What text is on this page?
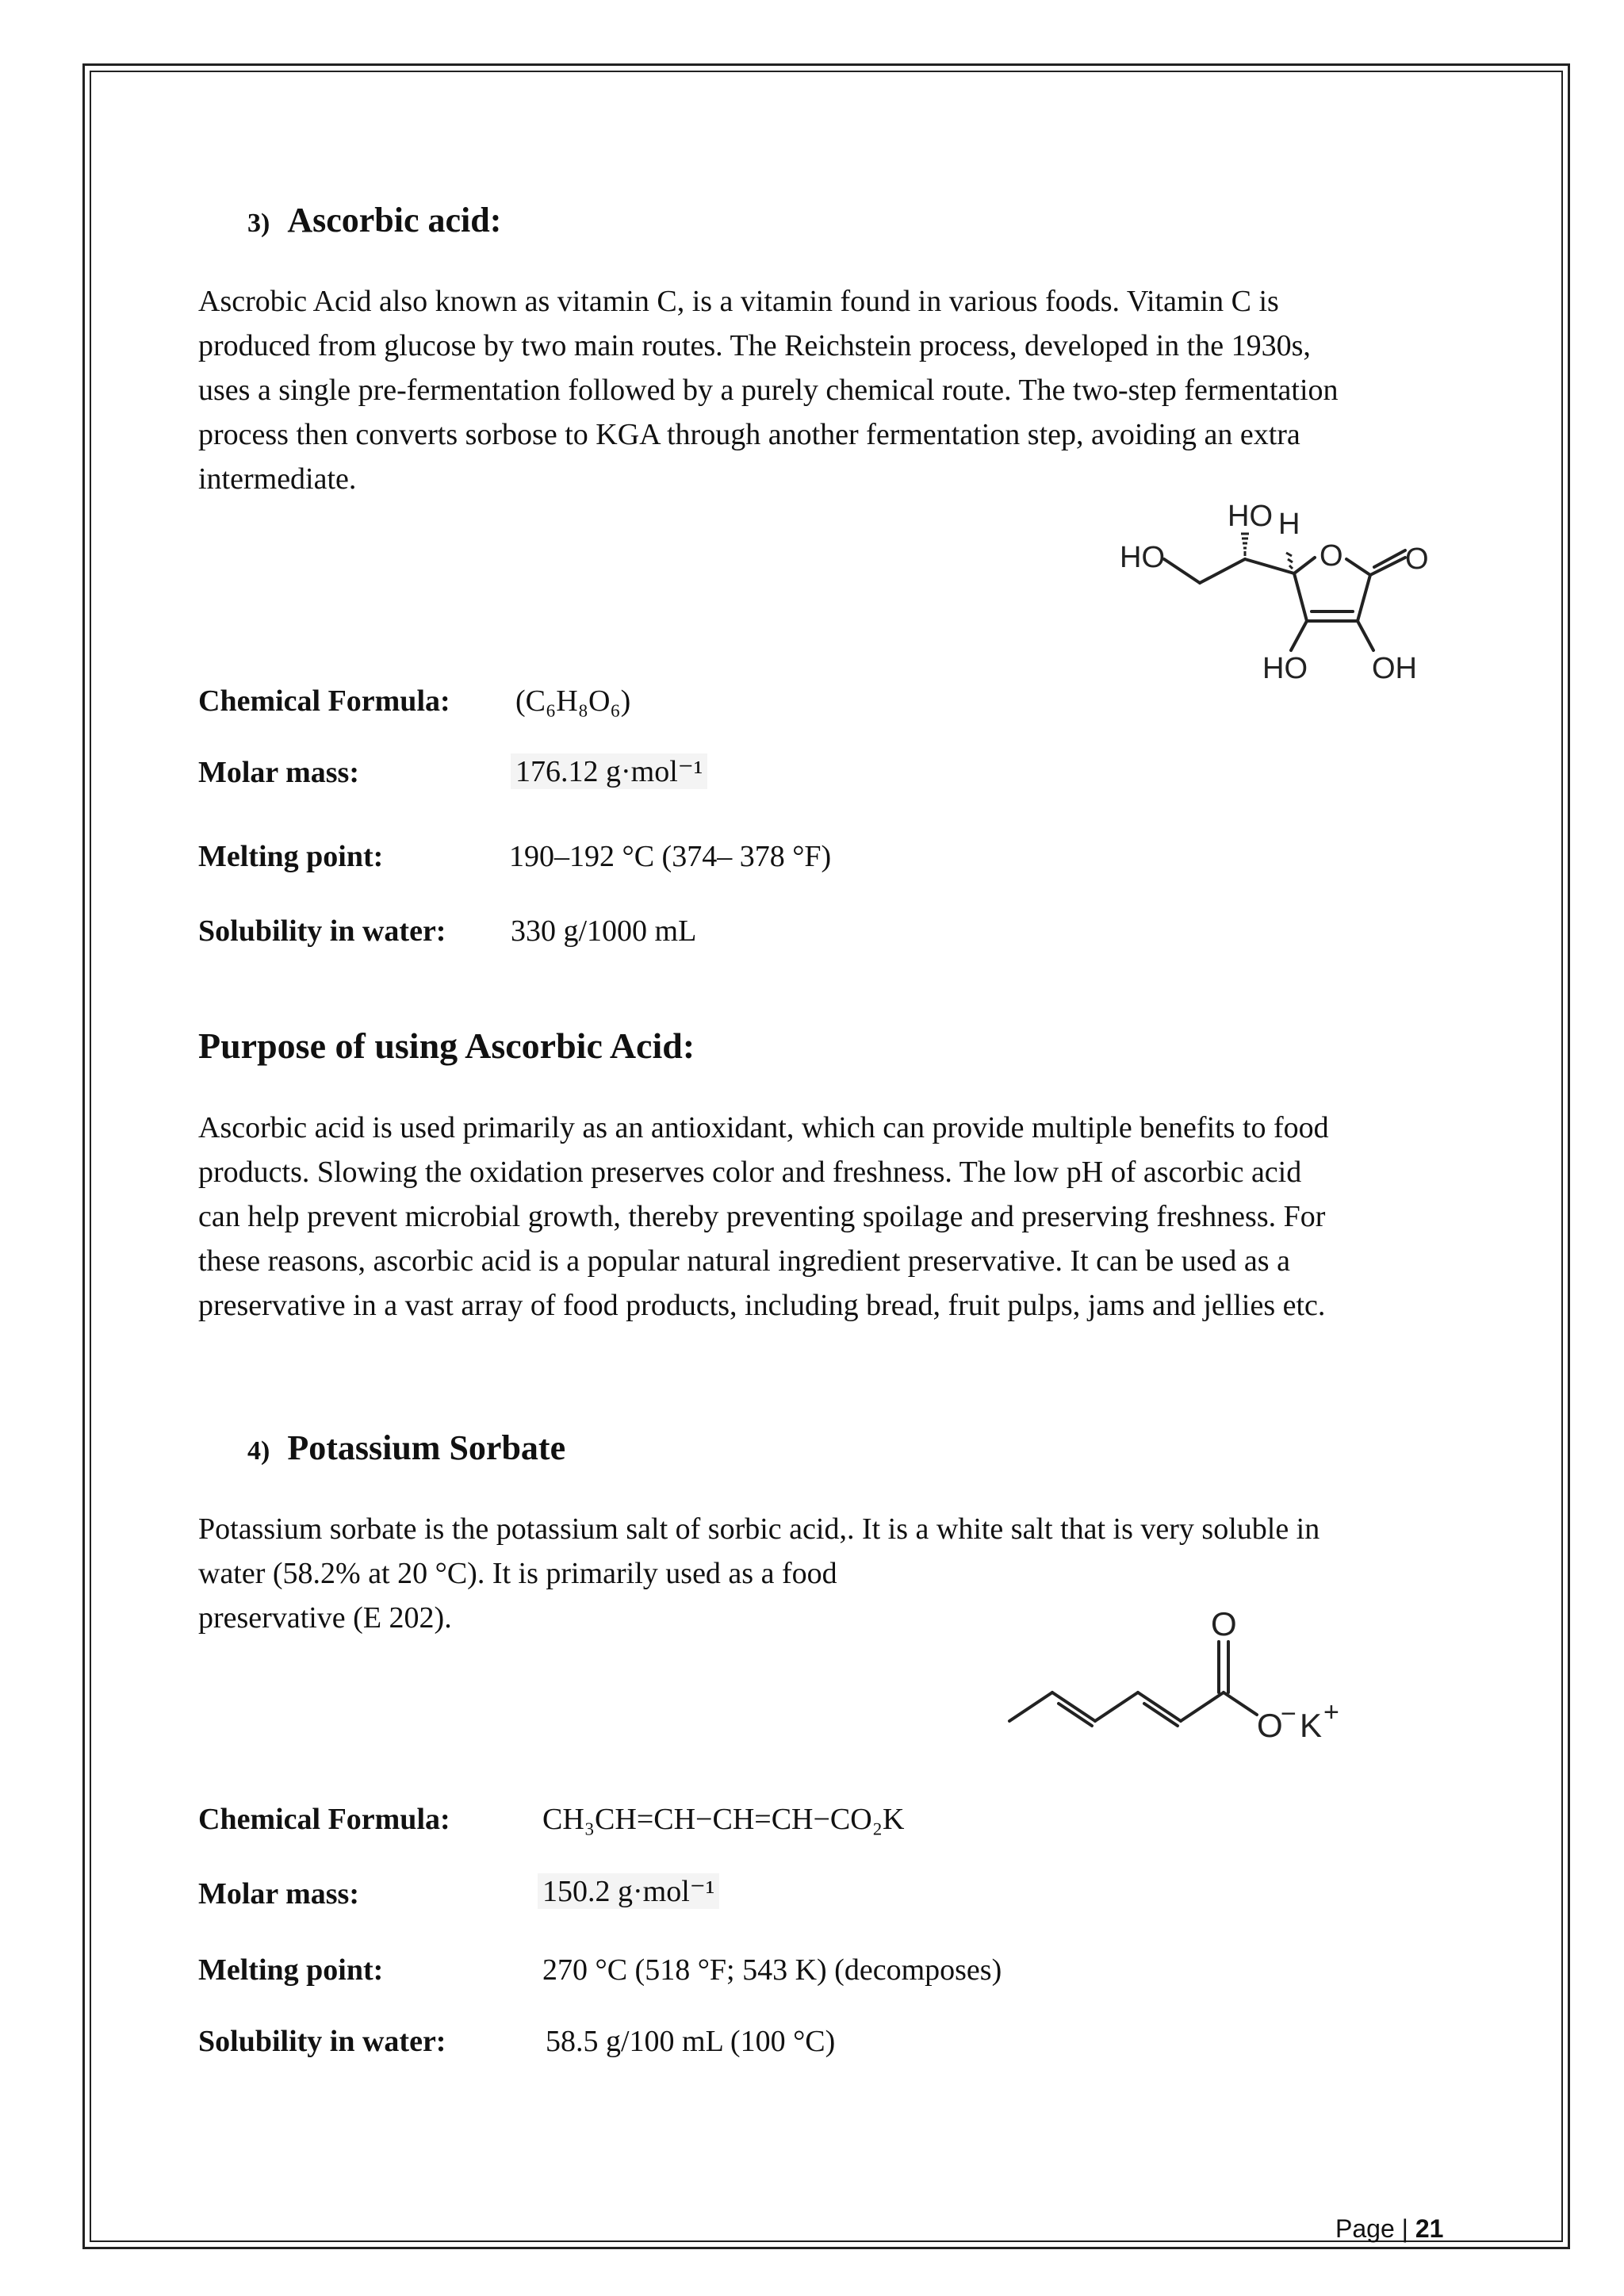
3) Ascorbic acid:
Ascrobic Acid also known as vitamin C, is a vitamin found in various foods. Vitamin C is
produced from glucose by two main routes. The Reichstein process, developed in the 1930s,
uses a single pre-fermentation followed by a purely chemical route. The two-step fermentation
process then converts sorbose to KGA through another fermentation step, avoiding an extra
intermediate.
HO H
HO	O O
HO OH
Chemical Formula: (C₆H₈O₆)
Molar mass:	176.12 g·mol⁻¹
Melting point:	190–192 °C (374– 378 °F)
Solubility in water: 330 g/1000 mL
Purpose of using Ascorbic Acid:
Ascorbic acid is used primarily as an antioxidant, which can provide multiple benefits to food
products. Slowing the oxidation preserves color and freshness. The low pH of ascorbic acid
can help prevent microbial growth, thereby preventing spoilage and preserving freshness. For
these reasons, ascorbic acid is a popular natural ingredient preservative. It can be used as a
preservative in a vast array of food products, including bread, fruit pulps, jams and jellies etc.
4) Potassium Sorbate
Potassium sorbate is the potassium salt of sorbic acid,. It is a white salt that is very soluble in
water (58.2% at 20 °C). It is primarily used as a food
preservative (E 202).	O
O
− K +
Chemical Formula:	CH₃CH=CH−CH=CH−CO₂K
Molar mass:	150.2 g·mol⁻¹
Melting point:	270 °C (518 °F; 543 K) (decomposes)
Solubility in water:	58.5 g/100 mL (100 °C)
Page | 21
